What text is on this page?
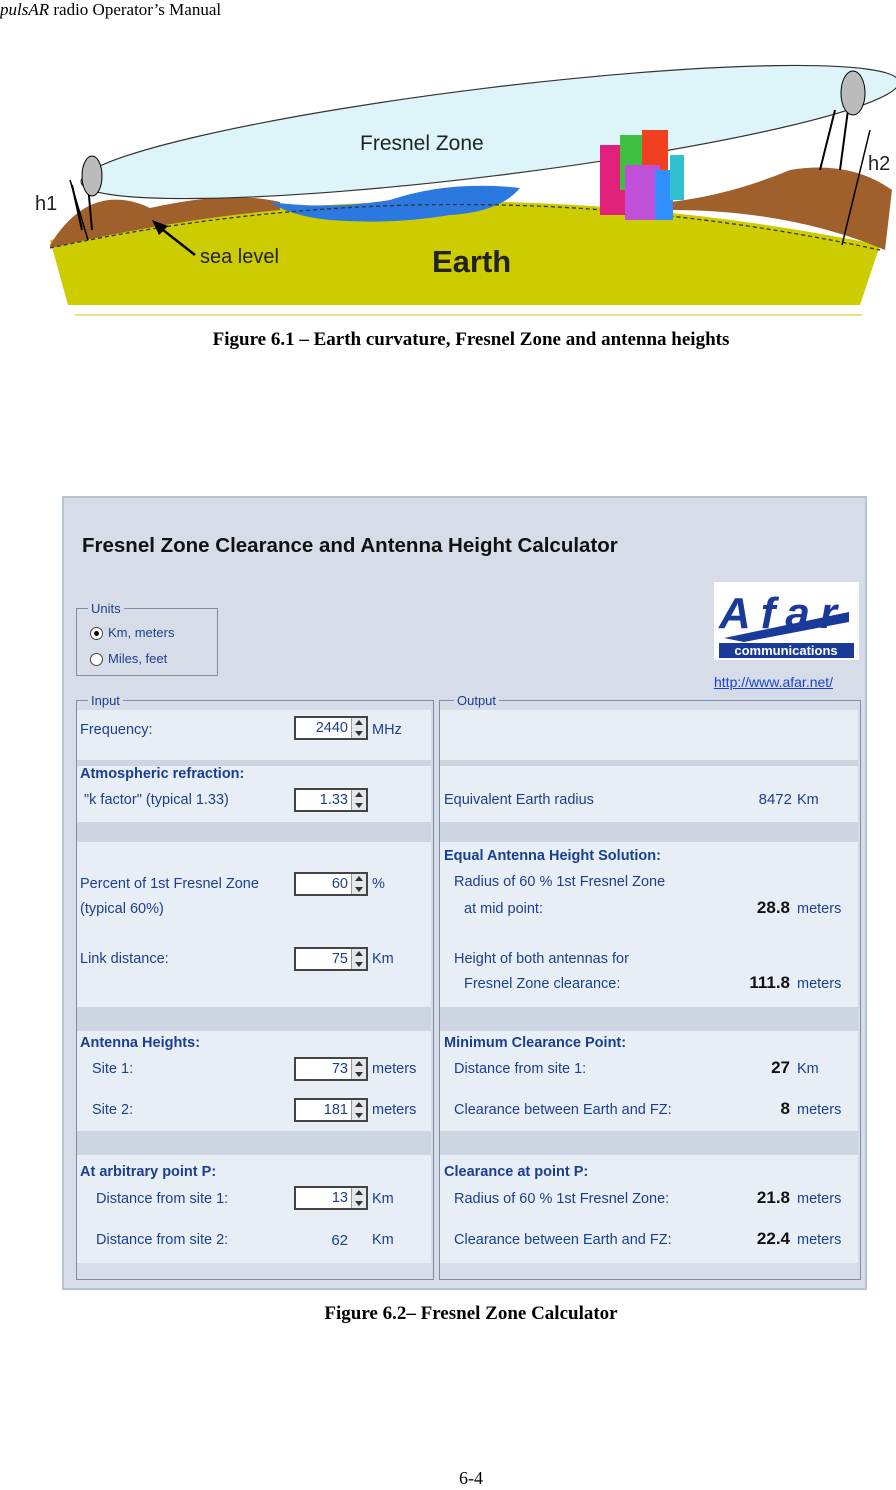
pulsAR radio Operator’s Manual
Fresnel Zone
h1
h2
sea level	Earth
Figure 6.1 – Earth curvature, Fresnel Zone and antenna heights
Fresnel Zone Clearance and Antenna Height Calculator
Units
Km, meters
Miles, feet
Afar
communications
http://www.afar.net/
Input
Frequency:	2440	MHz
Atmospheric refraction:
"k factor" (typical 1.33)	1.33
Percent of 1st Fresnel Zone
(typical 60%)
60	%
Link distance:	75	Km
Antenna Heights:
Site 1:	73	meters
Site 2:	181	meters
At arbitrary point P:
Distance from site 1:	13	Km
Distance from site 2:	62 Km
Output
Equivalent Earth radius	8472 Km
Equal Antenna Height Solution:
Radius of 60 % 1st Fresnel Zone
at mid point:	28.8 meters
Height of both antennas for
Fresnel Zone clearance:	111.8 meters
Minimum Clearance Point:
Distance from site 1:	27 Km
Clearance between Earth and FZ:	8 meters
Clearance at point P:
Radius of 60 % 1st Fresnel Zone:	21.8 meters
Clearance between Earth and FZ:	22.4 meters
Figure 6.2– Fresnel Zone Calculator
6-4
